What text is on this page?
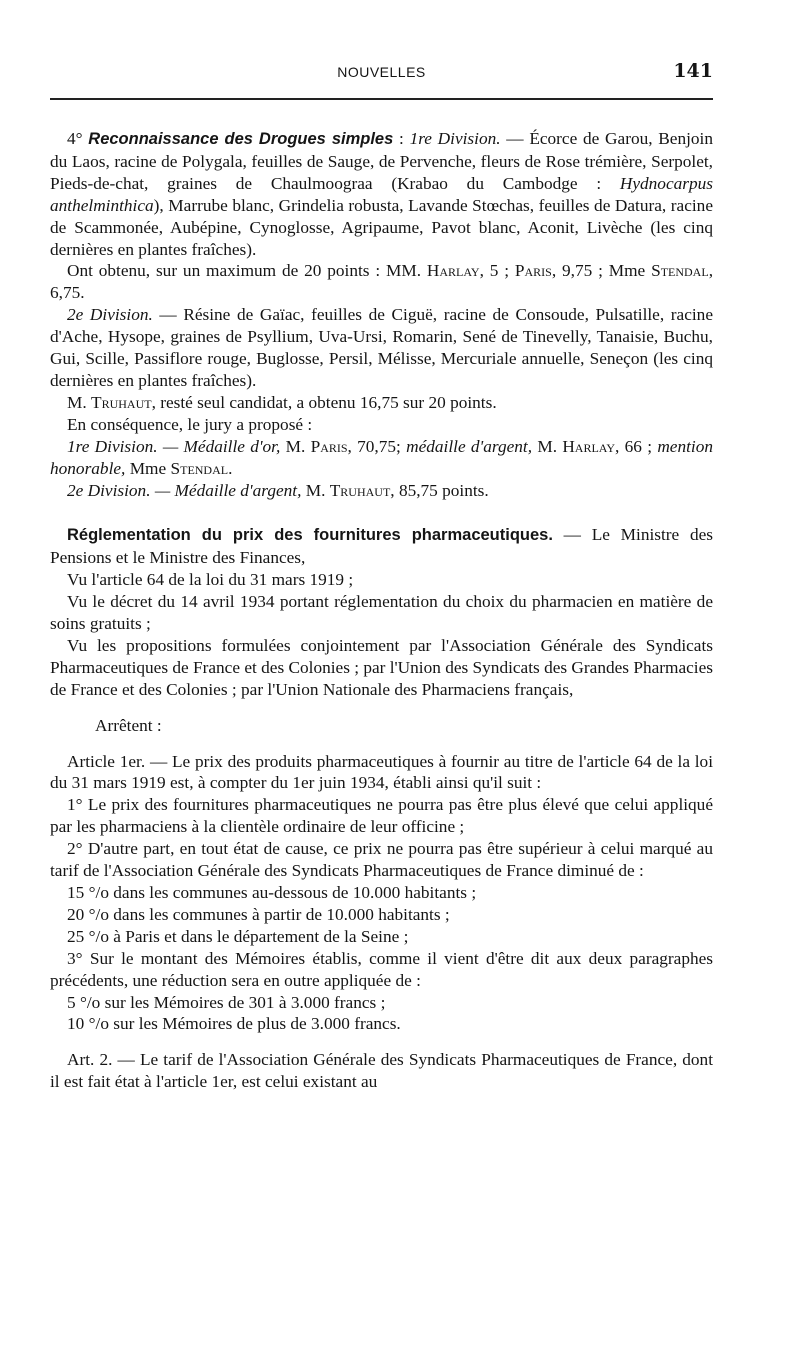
NOUVELLES	141

4° Reconnaissance des Drogues simples : 1re Division. — Écorce de Garou, Benjoin du Laos, racine de Polygala, feuilles de Sauge, de Pervenche, fleurs de Rose trémière, Serpolet, Pieds-de-chat, graines de Chaulmoograa (Krabao du Cambodge : Hydnocarpus anthelminthica), Marrube blanc, Grindelia robusta, Lavande Stœchas, feuilles de Datura, racine de Scammonée, Aubépine, Cynoglosse, Agripaume, Pavot blanc, Aconit, Livèche (les cinq dernières en plantes fraîches).

Ont obtenu, sur un maximum de 20 points : MM. Harlay, 5 ; Paris, 9,75 ; Mme Stendal, 6,75.

2e Division. — Résine de Gaïac, feuilles de Ciguë, racine de Consoude, Pulsatille, racine d'Ache, Hysope, graines de Psyllium, Uva-Ursi, Romarin, Sené de Tinevelly, Tanaisie, Buchu, Gui, Scille, Passiflore rouge, Buglosse, Persil, Mélisse, Mercuriale annuelle, Seneçon (les cinq dernières en plantes fraîches).

M. Truhaut, resté seul candidat, a obtenu 16,75 sur 20 points.

En conséquence, le jury a proposé :

1re Division. — Médaille d'or, M. Paris, 70,75; médaille d'argent, M. Harlay, 66 ; mention honorable, Mme Stendal.

2e Division. — Médaille d'argent, M. Truhaut, 85,75 points.

Réglementation du prix des fournitures pharmaceutiques. — Le Ministre des Pensions et le Ministre des Finances,

Vu l'article 64 de la loi du 31 mars 1919 ;

Vu le décret du 14 avril 1934 portant réglementation du choix du pharmacien en matière de soins gratuits ;

Vu les propositions formulées conjointement par l'Association Générale des Syndicats Pharmaceutiques de France et des Colonies ; par l'Union des Syndicats des Grandes Pharmacies de France et des Colonies ; par l'Union Nationale des Pharmaciens français,

Arrêtent :

Article 1er. — Le prix des produits pharmaceutiques à fournir au titre de l'article 64 de la loi du 31 mars 1919 est, à compter du 1er juin 1934, établi ainsi qu'il suit :

1° Le prix des fournitures pharmaceutiques ne pourra pas être plus élevé que celui appliqué par les pharmaciens à la clientèle ordinaire de leur officine ;

2° D'autre part, en tout état de cause, ce prix ne pourra pas être supérieur à celui marqué au tarif de l'Association Générale des Syndicats Pharmaceutiques de France diminué de :

15 °/o dans les communes au-dessous de 10.000 habitants ;

20 °/o dans les communes à partir de 10.000 habitants ;

25 °/o à Paris et dans le département de la Seine ;

3° Sur le montant des Mémoires établis, comme il vient d'être dit aux deux paragraphes précédents, une réduction sera en outre appliquée de :

5 °/o sur les Mémoires de 301 à 3.000 francs ;

10 °/o sur les Mémoires de plus de 3.000 francs.

Art. 2. — Le tarif de l'Association Générale des Syndicats Pharmaceutiques de France, dont il est fait état à l'article 1er, est celui existant au
